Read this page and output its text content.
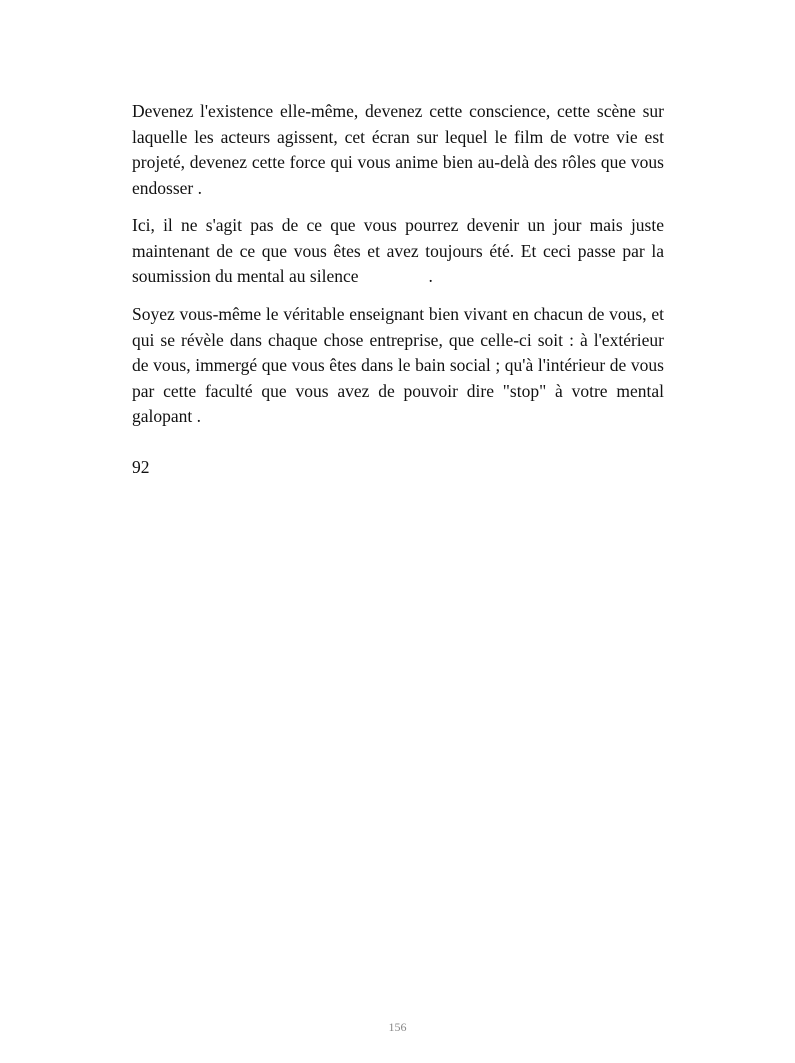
Devenez l'existence elle-même, devenez cette conscience, cette scène sur laquelle les acteurs agissent, cet écran sur lequel le film de votre vie est projeté, devenez cette force qui vous anime bien au-delà des rôles que vous endosser .

Ici, il ne s'agit pas de ce que vous pourrez devenir un jour mais juste maintenant de ce que vous êtes et avez toujours été. Et ceci passe par la soumission du mental au silence                .

Soyez vous-même le véritable enseignant bien vivant en chacun de vous, et qui se révèle dans chaque chose entreprise, que celle-ci soit : à l'extérieur de vous, immergé que vous êtes dans le bain social ; qu'à l'intérieur de vous par cette faculté que vous avez de pouvoir dire "stop" à votre mental galopant .

92

156
